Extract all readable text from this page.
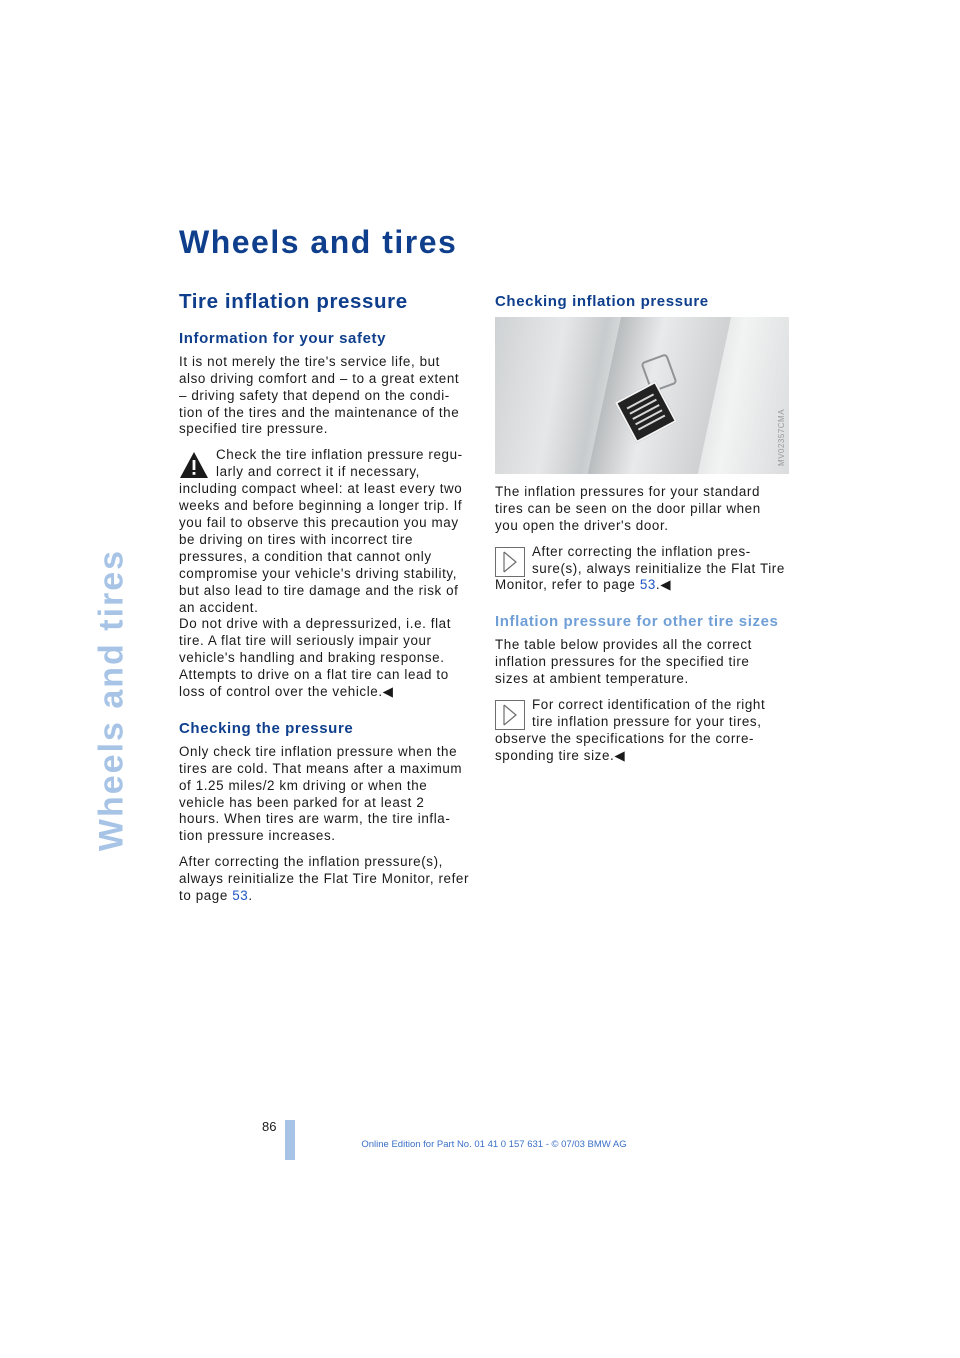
Wheels and tires
Wheels and tires
Tire inflation pressure
Information for your safety

It is not merely the tire's service life, but also driving comfort and – to a great extent – driving safety that depend on the condi-tion of the tires and the maintenance of the specified tire pressure.

Check the tire inflation pressure regu-larly and correct it if necessary, including compact wheel: at least every two weeks and before beginning a longer trip. If you fail to observe this precaution you may be driving on tires with incorrect tire pressures, a condition that cannot only compromise your vehicle's driving stability, but also lead to tire damage and the risk of an accident.
Do not drive with a depressurized, i.e. flat tire. A flat tire will seriously impair your vehicle's handling and braking response. Attempts to drive on a flat tire can lead to loss of control over the vehicle.◀
Checking the pressure

Only check tire inflation pressure when the tires are cold. That means after a maximum of 1.25 miles/2 km driving or when the vehicle has been parked for at least 2 hours. When tires are warm, the tire infla-tion pressure increases.

After correcting the inflation pressure(s), always reinitialize the Flat Tire Monitor, refer to page 53.

Checking inflation pressure
MV02357CMA

The inflation pressures for your standard tires can be seen on the door pillar when you open the driver's door.

After correcting the inflation pres-sure(s), always reinitialize the Flat Tire Monitor, refer to page 53.◀
Inflation pressure for other tire sizes

The table below provides all the correct inflation pressures for the specified tire sizes at ambient temperature.

For correct identification of the right tire inflation pressure for your tires, observe the specifications for the corre-sponding tire size.◀
86
Online Edition for Part No. 01 41 0 157 631 - © 07/03 BMW AG
